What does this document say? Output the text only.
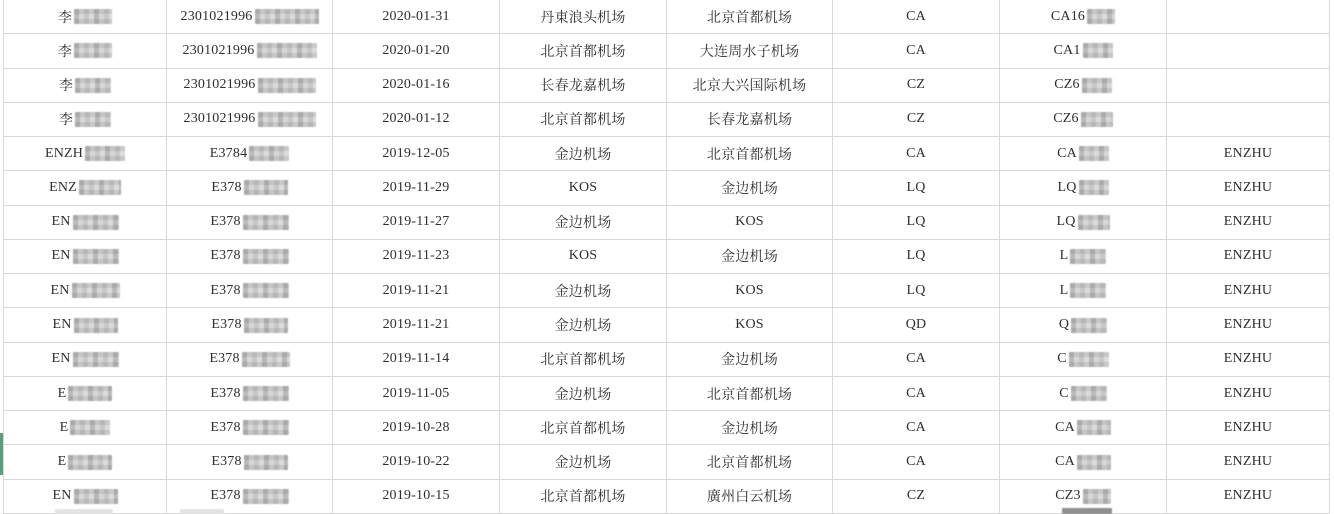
李	2301021996	2020-01-31	丹東浪头机场	北京首都机场	CA	CA16
李	2301021996	2020-01-20	北京首都机场	大连周水子机场	CA	CA1
李	2301021996	2020-01-16	长春龙嘉机场	北京大兴国际机场	CZ	CZ6
李	2301021996	2020-01-12	北京首都机场	长春龙嘉机场	CZ	CZ6
ENZH	E3784	2019-12-05	金边机场	北京首都机场	CA	CA	ENZHU
ENZ	E378	2019-11-29	KOS	金边机场	LQ	LQ	ENZHU
EN	E378	2019-11-27	金边机场	KOS	LQ	LQ	ENZHU
EN	E378	2019-11-23	KOS	金边机场	LQ	L	ENZHU
EN	E378	2019-11-21	金边机场	KOS	LQ	L	ENZHU
EN	E378	2019-11-21	金边机场	KOS	QD	Q	ENZHU
EN	E378	2019-11-14	北京首都机场	金边机场	CA	C	ENZHU
E	E378	2019-11-05	金边机场	北京首都机场	CA	C	ENZHU
E	E378	2019-10-28	北京首都机场	金边机场	CA	CA	ENZHU
E	E378	2019-10-22	金边机场	北京首都机场	CA	CA	ENZHU
EN	E378	2019-10-15	北京首都机场	廣州白云机场	CZ	CZ3	ENZHU
